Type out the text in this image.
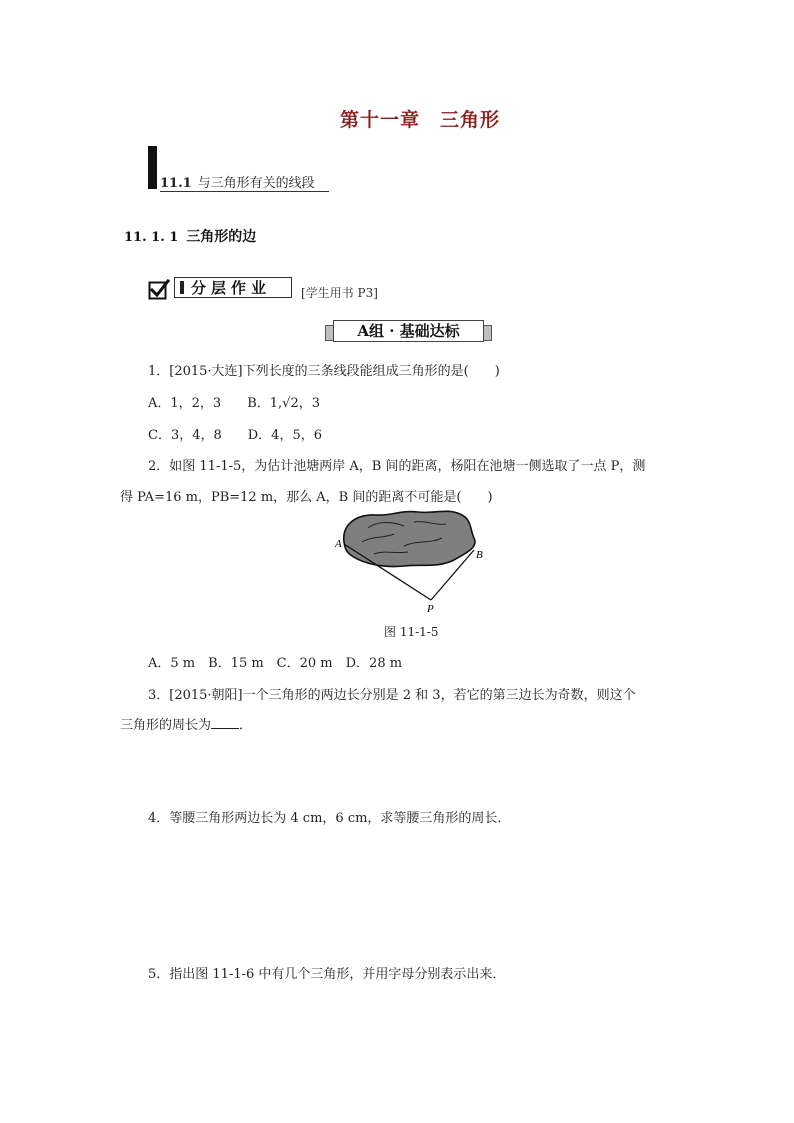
第十一章　三角形
11.1 与三角形有关的线段
11. 1. 1 三角形的边
分层作业 [学生用书 P3]
A组 · 基础达标
1．[2015·大连]下列长度的三条线段能组成三角形的是(　　)
A．1，2，3　　B．1,√2，3
C．3，4，8　　D．4，5，6
2．如图 11-1-5，为估计池塘两岸 A，B 间的距离，杨阳在池塘一侧选取了一点 P，测
得 PA=16 m，PB=12 m，那么 A，B 间的距离不可能是(　　)
A
B
P
图 11-1-5
A．5 m　B．15 m　C．20 m　D．28 m
3．[2015·朝阳]一个三角形的两边长分别是 2 和 3，若它的第三边长为奇数，则这个
三角形的周长为 ．
4．等腰三角形两边长为 4 cm，6 cm，求等腰三角形的周长．
5．指出图 11-1-6 中有几个三角形，并用字母分别表示出来．
